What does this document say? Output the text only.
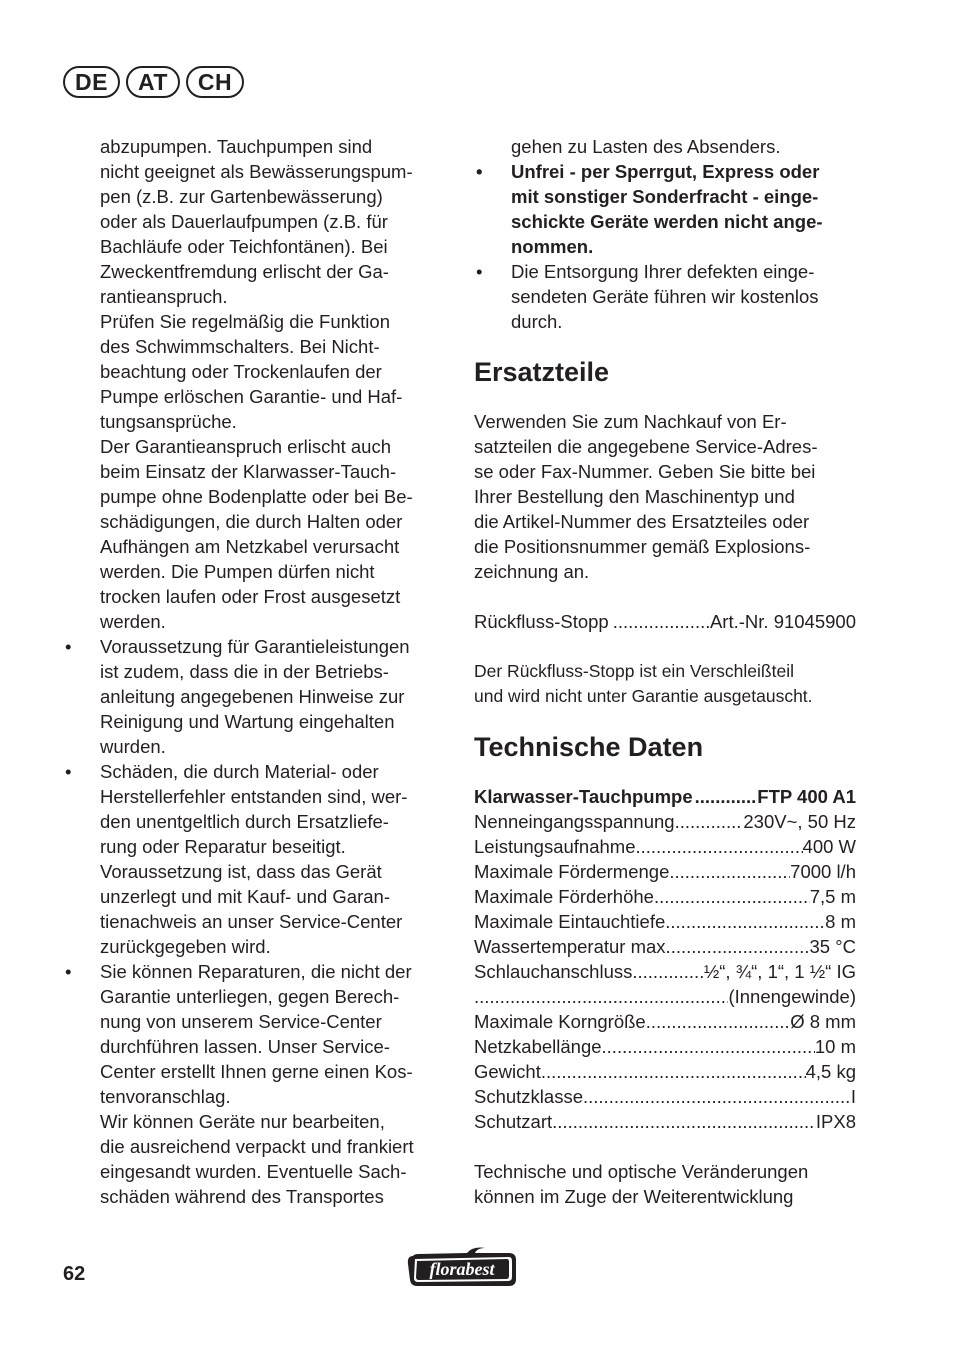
DE	AT	CH
abzupumpen. Tauchpumpen sind
nicht geeignet als Bewässerungspum-
pen (z.B. zur Gartenbewässerung)
oder als Dauerlaufpumpen (z.B. für
Bachläufe oder Teichfontänen). Bei
Zweckentfremdung erlischt der Ga-
rantieanspruch.
Prüfen Sie regelmäßig die Funktion
des Schwimmschalters. Bei Nicht-
beachtung oder Trockenlaufen der
Pumpe erlöschen Garantie- und Haf-
tungsansprüche.
Der Garantieanspruch erlischt auch
beim Einsatz der Klarwasser-Tauch-
pumpe ohne Bodenplatte oder bei Be-
schädigungen, die durch Halten oder
Aufhängen am Netzkabel verursacht
werden. Die Pumpen dürfen nicht
trocken laufen oder Frost ausgesetzt
werden.
• Voraussetzung für Garantieleistungen
ist zudem, dass die in der Betriebs-
anleitung angegebenen Hinweise zur
Reinigung und Wartung eingehalten
wurden.
• Schäden, die durch Material- oder
Herstellerfehler entstanden sind, wer-
den unentgeltlich durch Ersatzliefe-
rung oder Reparatur beseitigt.
Voraussetzung ist, dass das Gerät
unzerlegt und mit Kauf- und Garan-
tienachweis an unser Service-Center
zurückgegeben wird.
• Sie können Reparaturen, die nicht der
Garantie unterliegen, gegen Berech-
nung von unserem Service-Center
durchführen lassen. Unser Service-
Center erstellt Ihnen gerne einen Kos-
tenvoranschlag.
Wir können Geräte nur bearbeiten,
die ausreichend verpackt und frankiert
eingesandt wurden. Eventuelle Sach-
schäden während des Transportes
gehen zu Lasten des Absenders.
• Unfrei - per Sperrgut, Express oder
mit sonstiger Sonderfracht - einge-
schickte Geräte werden nicht ange-
nommen.
• Die Entsorgung Ihrer defekten einge-
sendeten Geräte führen wir kostenlos
durch.
Ersatzteile
Verwenden Sie zum Nachkauf von Er-
satzteilen die angegebene Service-Adres-
se oder Fax-Nummer. Geben Sie bitte bei
Ihrer Bestellung den Maschinentyp und
die Artikel-Nummer des Ersatzteiles oder
die Positionsnummer gemäß Explosions-
zeichnung an.
Rückfluss-Stopp .....	Art.-Nr. 91045900
Der Rückfluss-Stopp ist ein Verschleißteil
und wird nicht unter Garantie ausgetauscht.
Technische Daten
Klarwasser-Tauchpumpe .....	FTP 400 A1
Nenneingangsspannung .....	230V~, 50 Hz
Leistungsaufnahme .....	400 W
Maximale Fördermenge .....	7000 l/h
Maximale Förderhöhe .....	7,5 m
Maximale Eintauchtiefe .....	8 m
Wassertemperatur max. .....	35 °C
Schlauchanschluss .....	½“, ¾“, 1“, 1 ½“ IG
.....
(Innengewinde)
Maximale Korngröße .....	Ø 8 mm
Netzkabellänge .....	10 m
Gewicht .....	4,5 kg
Schutzklasse .....	I
Schutzart .....	IPX8
Technische und optische Veränderungen
können im Zuge der Weiterentwicklung
62	florabest
